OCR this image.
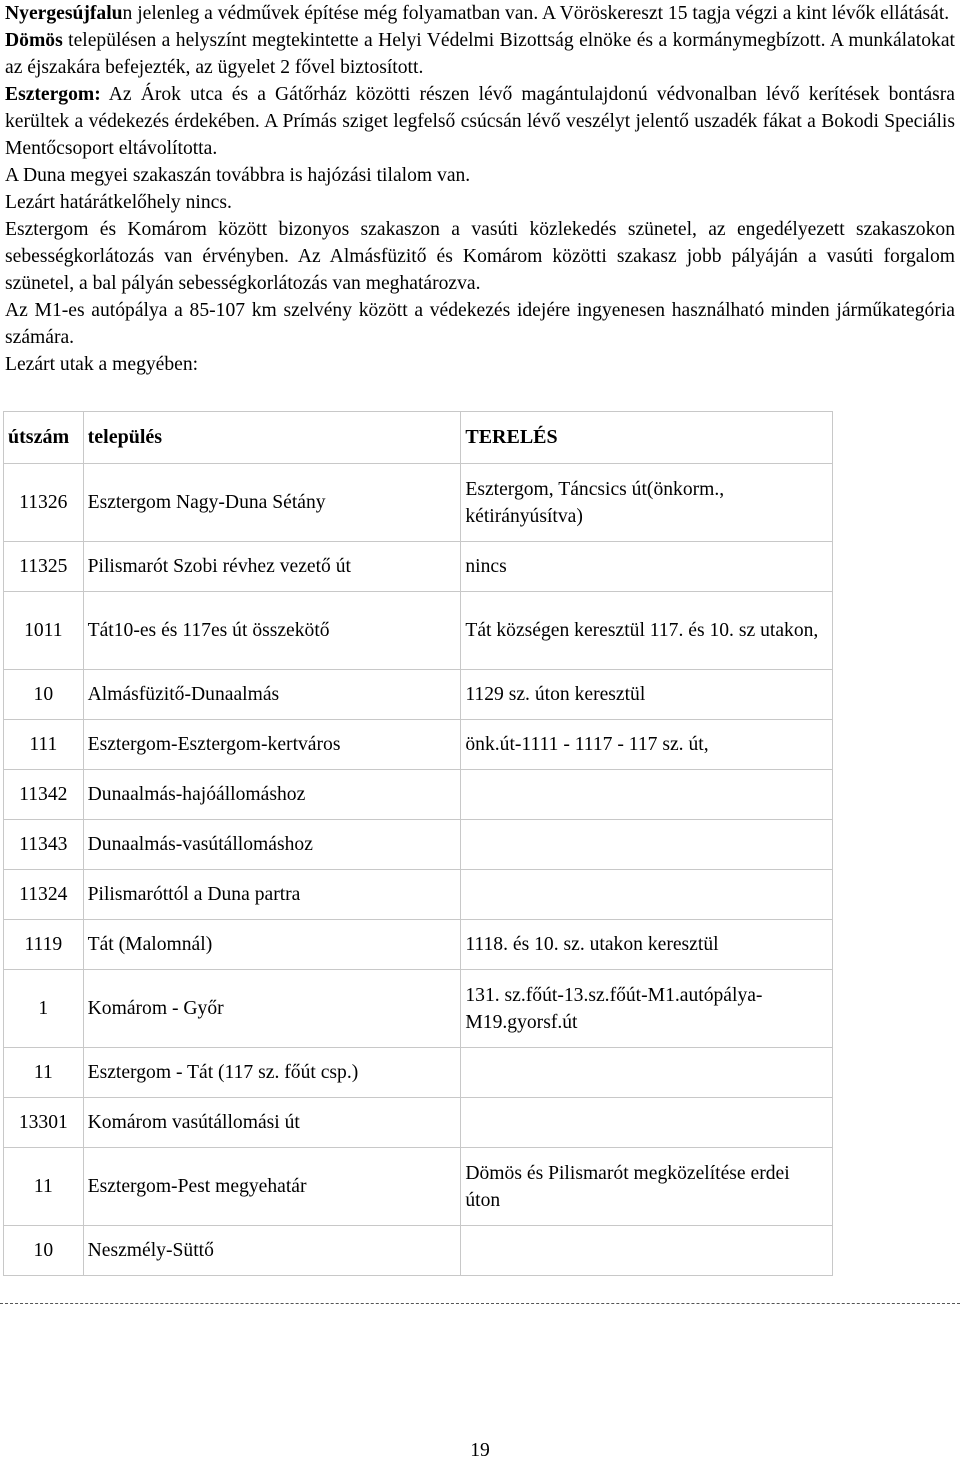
Nyergesújfalun jelenleg a védművek építése még folyamatban van. A Vöröskereszt 15 tagja végzi a kint lévők ellátását.

Dömös településen a helyszínt megtekintette a Helyi Védelmi Bizottság elnöke és a kormánymegbízott. A munkálatokat az éjszakára befejezték, az ügyelet 2 fővel biztosított.

Esztergom: Az Árok utca és a Gátőrház közötti részen lévő magántulajdonú védvonalban lévő kerítések bontásra kerültek a védekezés érdekében. A Prímás sziget legfelső csúcsán lévő veszélyt jelentő uszadék fákat a Bokodi Speciális Mentőcsoport eltávolította.

A Duna megyei szakaszán továbbra is hajózási tilalom van.

Lezárt határátkelőhely nincs.

Esztergom és Komárom között bizonyos szakaszon a vasúti közlekedés szünetel, az engedélyezett szakaszokon sebességkorlátozás van érvényben. Az Almásfüzitő és Komárom közötti szakasz jobb pályáján a vasúti forgalom szünetel, a bal pályán sebességkorlátozás van meghatározva.

Az M1-es autópálya a 85-107 km szelvény között a védekezés idejére ingyenesen használható minden járműkategória számára.

Lezárt utak a megyében:

útszám	település	TERELÉS
11326	Esztergom Nagy-Duna Sétány	Esztergom, Táncsics út(önkorm., kétirányúsítva)
11325	Pilismarót Szobi révhez vezető út	nincs
1011	Tát10-es és 117es út összekötő	Tát községen keresztül 117. és 10. sz utakon,
10	Almásfüzitő-Dunaalmás	1129 sz. úton keresztül
111	Esztergom-Esztergom-kertváros	önk.út-1111 - 1117 - 117 sz. út,
11342	Dunaalmás-hajóállomáshoz	
11343	Dunaalmás-vasútállomáshoz	
11324	Pilismaróttól a Duna partra	
1119	Tát (Malomnál)	1118. és 10. sz. utakon keresztül
1	Komárom - Győr	131. sz.főút-13.sz.főút-M1.autópálya-M19.gyorsf.út
11	Esztergom - Tát (117 sz. főút csp.)	
13301	Komárom vasútállomási út	
11	Esztergom-Pest megyehatár	Dömös és Pilismarót megközelítése erdei úton
10	Neszmély-Süttő	
19
